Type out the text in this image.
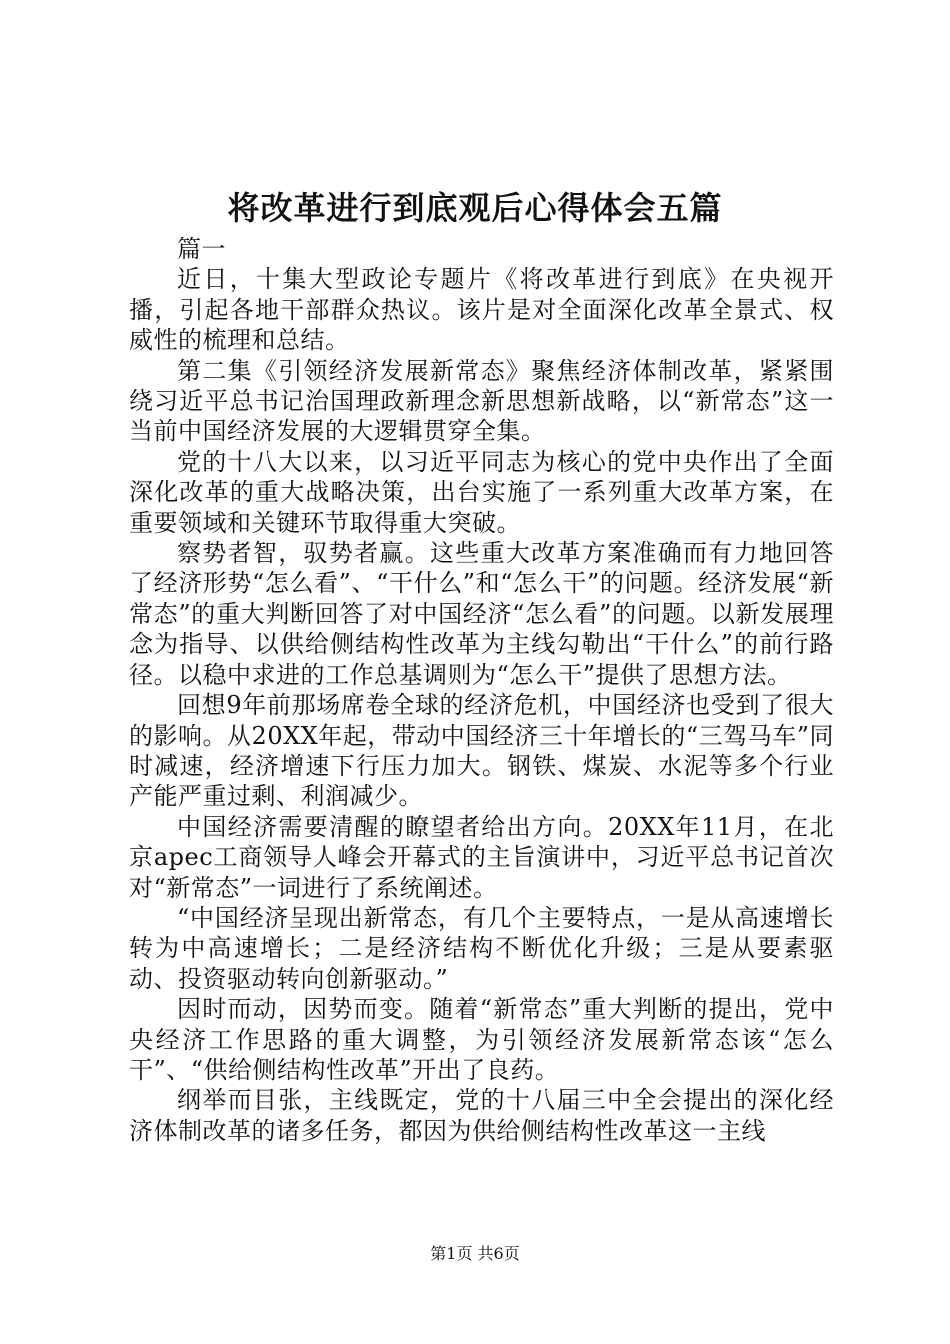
将改革进行到底观后心得体会五篇

篇一

近日，十集大型政论专题片《将改革进行到底》在央视开播，引起各地干部群众热议。该片是对全面深化改革全景式、权威性的梳理和总结。

第二集《引领经济发展新常态》聚焦经济体制改革，紧紧围绕习近平总书记治国理政新理念新思想新战略，以“新常态”这一当前中国经济发展的大逻辑贯穿全集。

党的十八大以来，以习近平同志为核心的党中央作出了全面深化改革的重大战略决策，出台实施了一系列重大改革方案，在重要领域和关键环节取得重大突破。

察势者智，驭势者赢。这些重大改革方案准确而有力地回答了经济形势“怎么看”、“干什么”和“怎么干”的问题。经济发展“新常态”的重大判断回答了对中国经济“怎么看”的问题。以新发展理念为指导、以供给侧结构性改革为主线勾勒出“干什么”的前行路径。以稳中求进的工作总基调则为“怎么干”提供了思想方法。

回想9年前那场席卷全球的经济危机，中国经济也受到了很大的影响。从20XX年起，带动中国经济三十年增长的“三驾马车”同时减速，经济增速下行压力加大。钢铁、煤炭、水泥等多个行业产能严重过剩、利润减少。

中国经济需要清醒的瞭望者给出方向。20XX年11月，在北京apec工商领导人峰会开幕式的主旨演讲中，习近平总书记首次对“新常态”一词进行了系统阐述。

“中国经济呈现出新常态，有几个主要特点，一是从高速增长转为中高速增长；二是经济结构不断优化升级；三是从要素驱动、投资驱动转向创新驱动。”

因时而动，因势而变。随着“新常态”重大判断的提出，党中央经济工作思路的重大调整，为引领经济发展新常态该“怎么干”、“供给侧结构性改革”开出了良药。

纲举而目张，主线既定，党的十八届三中全会提出的深化经济体制改革的诸多任务，都因为供给侧结构性改革这一主线

第1页 共6页
